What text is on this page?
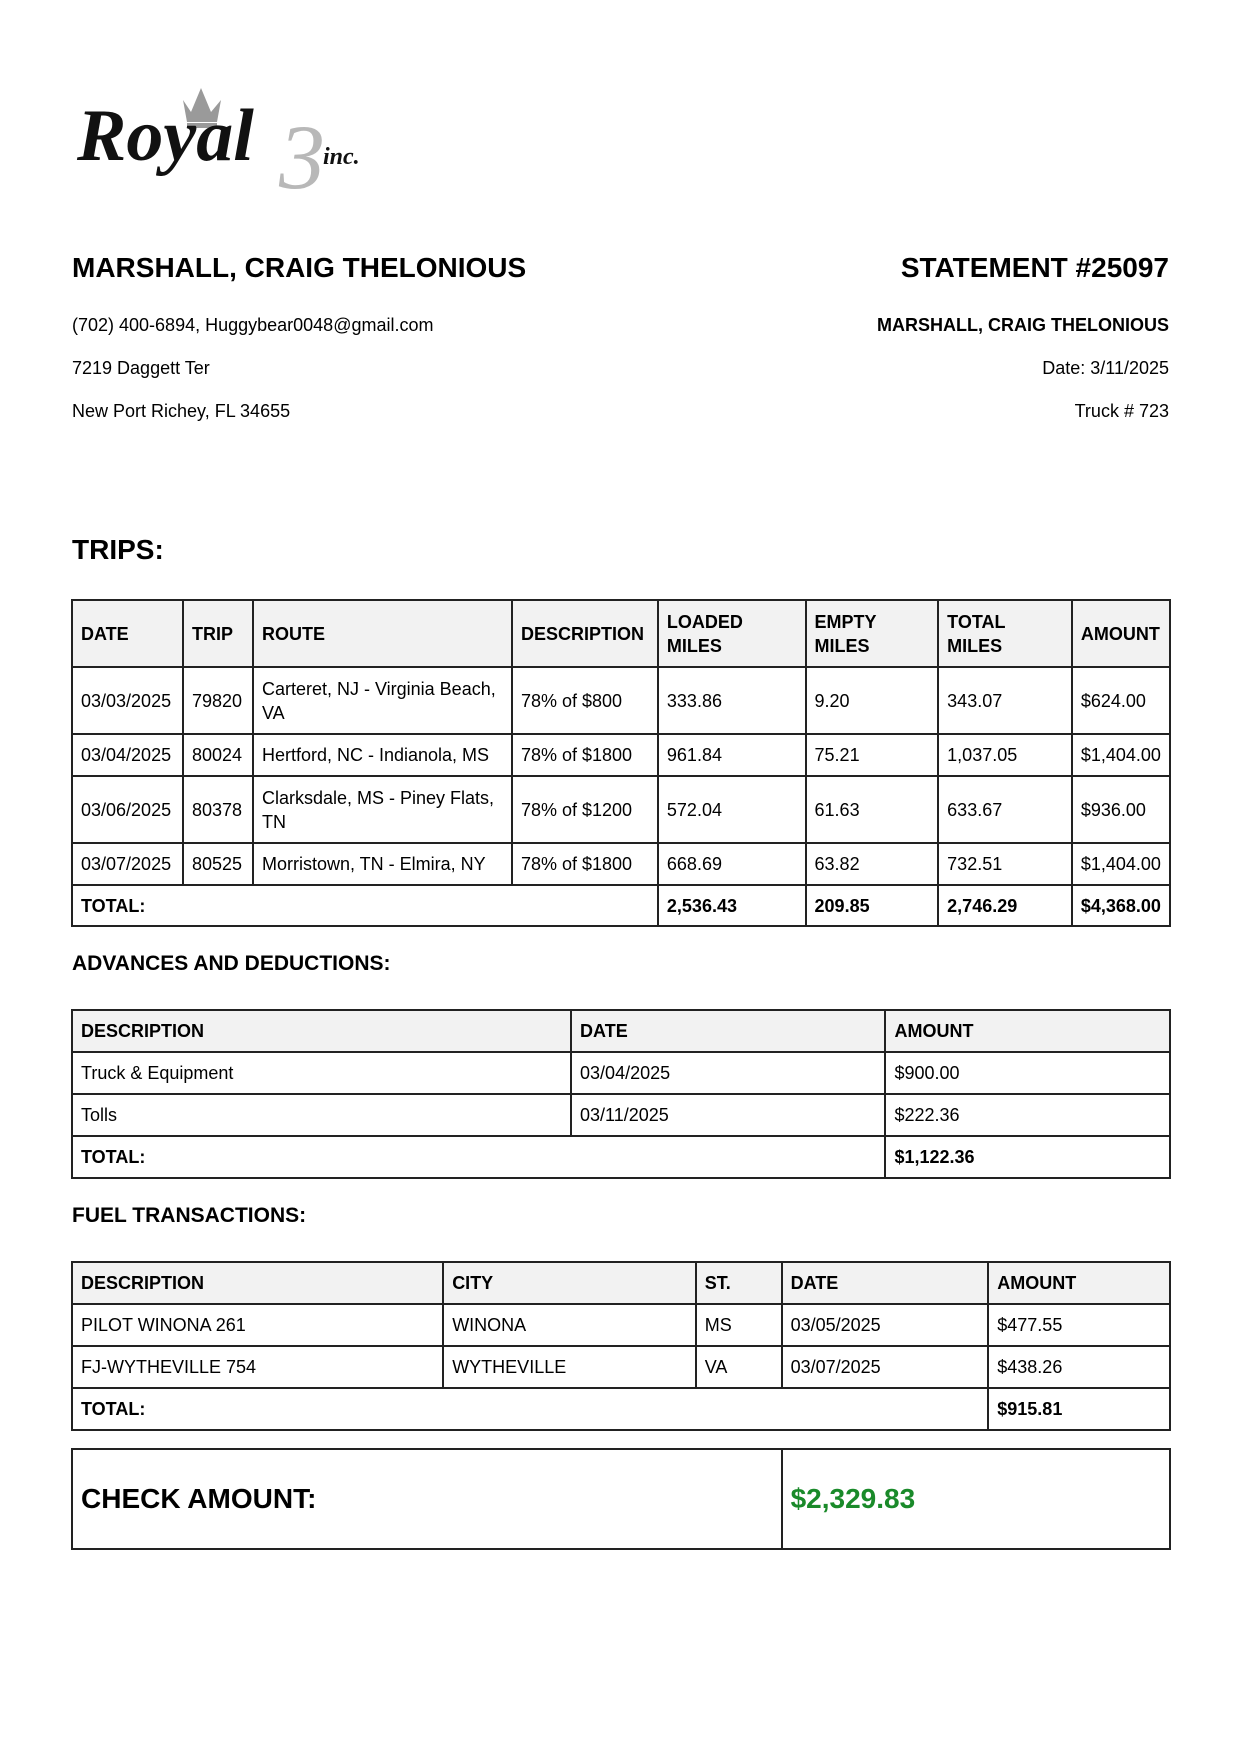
3
Royal	inc.
MARSHALL, CRAIG THELONIOUS
(702) 400-6894, Huggybear0048@gmail.com
7219 Daggett Ter
New Port Richey, FL 34655
STATEMENT #25097
MARSHALL, CRAIG THELONIOUS
Date: 3/11/2025
Truck # 723
TRIPS:
DATE	TRIP	ROUTE	DESCRIPTION	LOADED MILES	EMPTY MILES	TOTAL MILES	AMOUNT
03/03/2025	79820	Carteret, NJ - Virginia Beach, VA	78% of $800	333.86	9.20	343.07	$624.00
03/04/2025	80024	Hertford, NC - Indianola, MS	78% of $1800	961.84	75.21	1,037.05	$1,404.00
03/06/2025	80378	Clarksdale, MS - Piney Flats, TN	78% of $1200	572.04	61.63	633.67	$936.00
03/07/2025	80525	Morristown, TN - Elmira, NY	78% of $1800	668.69	63.82	732.51	$1,404.00
TOTAL:				2,536.43	209.85	2,746.29	$4,368.00
ADVANCES AND DEDUCTIONS:
DESCRIPTION	DATE	AMOUNT
Truck & Equipment	03/04/2025	$900.00
Tolls	03/11/2025	$222.36
TOTAL:		$1,122.36
FUEL TRANSACTIONS:
DESCRIPTION	CITY	ST.	DATE	AMOUNT
PILOT WINONA 261	WINONA	MS	03/05/2025	$477.55
FJ-WYTHEVILLE 754	WYTHEVILLE	VA	03/07/2025	$438.26
TOTAL:				$915.81
CHECK AMOUNT:	$2,329.83
